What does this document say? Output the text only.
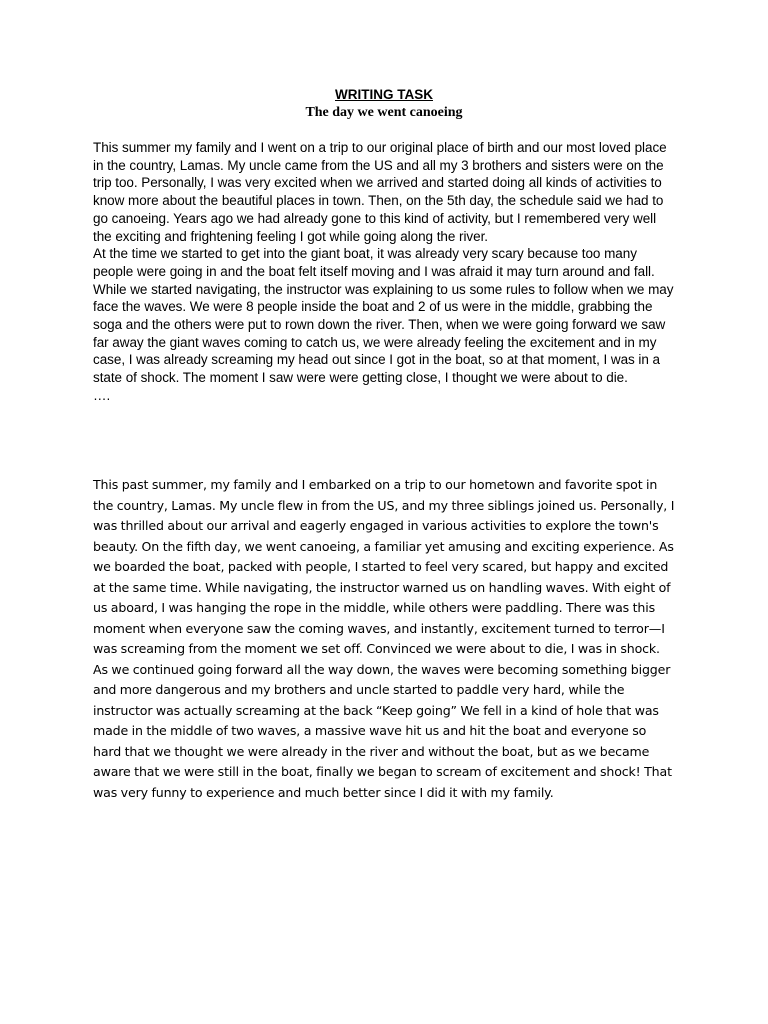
WRITING TASK
The day we went canoeing

This summer my family and I went on a trip to our original place of birth and our most loved place in the country, Lamas. My uncle came from the US and all my 3 brothers and sisters were on the trip too. Personally, I was very excited when we arrived and started doing all kinds of activities to know more about the beautiful places in town. Then, on the 5th day, the schedule said we had to go canoeing. Years ago we had already gone to this kind of activity, but I remembered very well the exciting and frightening feeling I got while going along the river.

At the time we started to get into the giant boat, it was already very scary because too many people were going in and the boat felt itself moving and I was afraid it may turn around and fall.

While we started navigating, the instructor was explaining to us some rules to follow when we may face the waves. We were 8 people inside the boat and 2 of us were in the middle, grabbing the soga and the others were put to rown down the river. Then, when we were going forward we saw far away the giant waves coming to catch us, we were already feeling the excitement and in my case, I was already screaming my head out since I got in the boat, so at that moment, I was in a state of shock. The moment I saw were were getting close, I thought we were about to die.

….

This past summer, my family and I embarked on a trip to our hometown and favorite spot in the country, Lamas. My uncle flew in from the US, and my three siblings joined us. Personally, I was thrilled about our arrival and eagerly engaged in various activities to explore the town's beauty. On the fifth day, we went canoeing, a familiar yet amusing and exciting experience. As we boarded the boat, packed with people, I started to feel very scared, but happy and excited at the same time. While navigating, the instructor warned us on handling waves. With eight of us aboard, I was hanging the rope in the middle, while others were paddling. There was this moment when everyone saw the coming waves, and instantly, excitement turned to terror—I was screaming from the moment we set off. Convinced we were about to die, I was in shock. As we continued going forward all the way down, the waves were becoming something bigger and more dangerous and my brothers and uncle started to paddle very hard, while the instructor was actually screaming at the back “Keep going” We fell in a kind of hole that was made in the middle of two waves, a massive wave hit us and hit the boat and everyone so hard that we thought we were already in the river and without the boat, but as we became aware that we were still in the boat, finally we began to scream of excitement and shock! That was very funny to experience and much better since I did it with my family.
